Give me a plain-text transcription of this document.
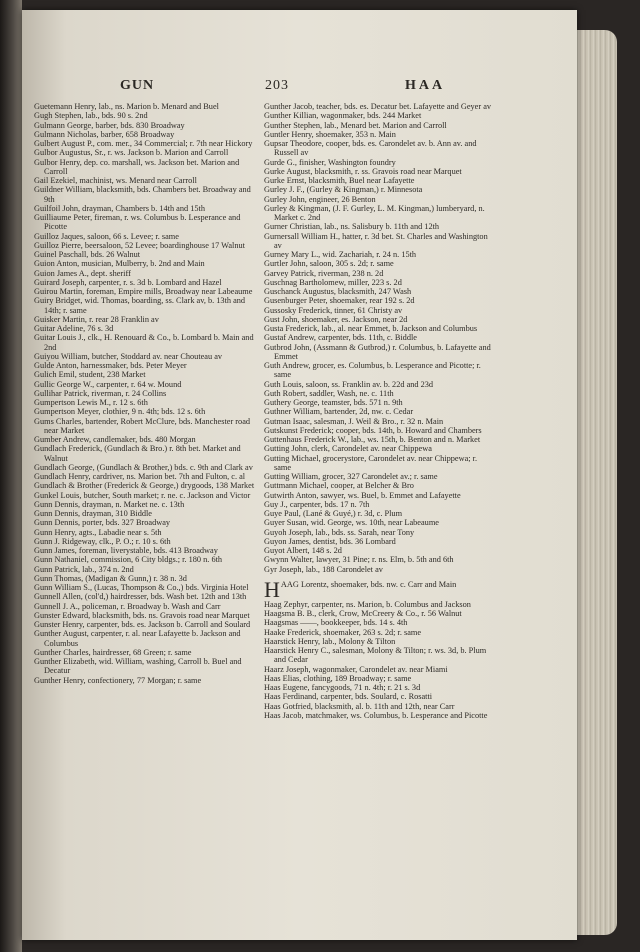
GUN	203	HAA

Guetemann Henry, lab., ns. Marion b. Menard and Buel

Gugh Stephen, lab., bds. 90 s. 2nd

Gulmann George, barber, bds. 830 Broadway

Gulmann Nicholas, barber, 658 Broadway

Gulbert August P., com. mer., 34 Commercial; r. 7th near Hickory

Gulbor Augustus, Sr., r. ws. Jackson b. Marion and Carroll

Gulbor Henry, dep. co. marshall, ws. Jackson bet. Marion and Carroll

Gail Ezekiel, machinist, ws. Menard near Carroll

Guildner William, blacksmith, bds. Chambers bet. Broadway and 9th

Guilfoil John, drayman, Chambers b. 14th and 15th

Guilliaume Peter, fireman, r. ws. Columbus b. Lesperance and Picotte

Guilloz Jaques, saloon, 66 s. Levee; r. same

Guilloz Pierre, beersaloon, 52 Levee; boardinghouse 17 Walnut

Guinel Paschall, bds. 26 Walnut

Guion Anton, musician, Mulberry, b. 2nd and Main

Guion James A., dept. sheriff

Guirard Joseph, carpenter, r. s. 3d b. Lombard and Hazel

Guirou Martin, foreman, Empire mills, Broadway near Labeaume

Guiry Bridget, wid. Thomas, boarding, ss. Clark av, b. 13th and 14th; r. same

Guisker Martin, r. rear 28 Franklin av

Guitar Adeline, 76 s. 3d

Guitar Louis J., clk., H. Renouard & Co., b. Lombard b. Main and 2nd

Guiyou William, butcher, Stoddard av. near Chouteau av

Gulde Anton, harnessmaker, bds. Peter Meyer

Gulich Emil, student, 238 Market

Gullic George W., carpenter, r. 64 w. Mound

Gullihar Patrick, riverman, r. 24 Collins

Gumpertson Lewis M., r. 12 s. 6th

Gumpertson Meyer, clothier, 9 n. 4th; bds. 12 s. 6th

Gums Charles, bartender, Robert McClure, bds. Manchester road near Market

Gumber Andrew, candlemaker, bds. 480 Morgan

Gundlach Frederick, (Gundlach & Bro.) r. 8th bet. Market and Walnut

Gundlach George, (Gundlach & Brother,) bds. c. 9th and Clark av

Gundlach Henry, cardriver, ns. Marion bet. 7th and Fulton, c. al

Gundlach & Brother (Frederick & George,) drygoods, 138 Market

Gunkel Louis, butcher, South market; r. ne. c. Jackson and Victor

Gunn Dennis, drayman, n. Market ne. c. 13th

Gunn Dennis, drayman, 310 Biddle

Gunn Dennis, porter, bds. 327 Broadway

Gunn Henry, agts., Labadie near s. 5th

Gunn J. Ridgeway, clk., P. O.; r. 10 s. 6th

Gunn James, foreman, liverystable, bds. 413 Broadway

Gunn Nathaniel, commission, 6 City bldgs.; r. 180 n. 6th

Gunn Patrick, lab., 374 n. 2nd

Gunn Thomas, (Madigan & Gunn,) r. 38 n. 3d

Gunn William S., (Lucas, Thompson & Co.,) bds. Virginia Hotel

Gunnell Allen, (col'd,) hairdresser, bds. Wash bet. 12th and 13th

Gunnell J. A., policeman, r. Broadway b. Wash and Carr

Gunster Edward, blacksmith, bds. ns. Gravois road near Marquet

Gunster Henry, carpenter, bds. es. Jackson b. Carroll and Soulard

Gunther August, carpenter, r. al. near Lafayette b. Jackson and Columbus

Gunther Charles, hairdresser, 68 Green; r. same

Gunther Elizabeth, wid. William, washing, Carroll b. Buel and Decatur

Gunther Henry, confectionery, 77 Morgan; r. same

Gunther Jacob, teacher, bds. es. Decatur bet. Lafayette and Geyer av

Gunther Killian, wagonmaker, bds. 244 Market

Gunther Stephen, lab., Menard bet. Marion and Carroll

Guntler Henry, shoemaker, 353 n. Main

Gupsar Theodore, cooper, bds. es. Carondelet av. b. Ann av. and Russell av

Gurde G., finisher, Washington foundry

Gurke August, blacksmith, r. ss. Gravois road near Marquet

Gurke Ernst, blacksmith, Buel near Lafayette

Gurley J. F., (Gurley & Kingman,) r. Minnesota

Gurley John, engineer, 26 Benton

Gurley & Kingman, (J. F. Gurley, L. M. Kingman,) lumberyard, n. Market c. 2nd

Gurner Christian, lab., ns. Salisbury b. 11th and 12th

Gurnersall William H., hatter, r. 3d bet. St. Charles and Washington av

Gurney Mary L., wid. Zachariah, r. 24 n. 15th

Gurtler John, saloon, 305 s. 2d; r. same

Garvey Patrick, riverman, 238 n. 2d

Guschnag Bartholomew, miller, 223 s. 2d

Guschanck Augustus, blacksmith, 247 Wash

Gusenburger Peter, shoemaker, rear 192 s. 2d

Gussosky Frederick, tinner, 61 Christy av

Gust John, shoemaker, es. Jackson, near 2d

Gusta Frederick, lab., al. near Emmet, b. Jackson and Columbus

Gustaf Andrew, carpenter, bds. 11th, c. Biddle

Gutbrod John, (Assmann & Gutbrod,) r. Columbus, b. Lafayette and Emmet

Guth Andrew, grocer, es. Columbus, b. Lesperance and Picotte; r. same

Guth Louis, saloon, ss. Franklin av. b. 22d and 23d

Guth Robert, saddler, Wash, ne. c. 11th

Guthery George, teamster, bds. 571 n. 9th

Guthner William, bartender, 2d, nw. c. Cedar

Gutman Isaac, salesman, J. Weil & Bro., r. 32 n. Main

Gutskunst Frederick; cooper, bds. 14th, b. Howard and Chambers

Guttenhaus Frederick W., lab., ws. 15th, b. Benton and n. Market

Gutting John, clerk, Carondelet av. near Chippewa

Gutting Michael, grocerystore, Carondelet av. near Chippewa; r. same

Gutting William, grocer, 327 Carondelet av.; r. same

Guttmann Michael, cooper, at Belcher & Bro

Gutwirth Anton, sawyer, ws. Buel, b. Emmet and Lafayette

Guy J., carpenter, bds. 17 n. 7th

Guye Paul, (Lané & Guyé,) r. 3d, c. Plum

Guyer Susan, wid. George, ws. 10th, near Labeaume

Guyoh Joseph, lab., bds. ss. Sarah, near Tony

Guyon James, dentist, bds. 36 Lombard

Guyot Albert, 148 s. 2d

Gwynn Walter, lawyer, 31 Pine; r. ns. Elm, b. 5th and 6th

Gyr Joseph, lab., 188 Carondelet av

HAAG Lorentz, shoemaker, bds. nw. c. Carr and Main

Haag Zephyr, carpenter, ns. Marion, b. Columbus and Jackson

Haagsma B. B., clerk, Crow, McCreery & Co., r. 56 Walnut

Haagsmas ——, bookkeeper, bds. 14 s. 4th

Haake Frederick, shoemaker, 263 s. 2d; r. same

Haarstick Henry, lab., Molony & Tilton

Haarstick Henry C., salesman, Molony & Tilton; r. ws. 3d, b. Plum and Cedar

Haarz Joseph, wagonmaker, Carondelet av. near Miami

Haas Elias, clothing, 189 Broadway; r. same

Haas Eugene, fancygoods, 71 n. 4th; r. 21 s. 3d

Haas Ferdinand, carpenter, bds. Soulard, c. Rosatti

Haas Gotfried, blacksmith, al. b. 11th and 12th, near Carr

Haas Jacob, matchmaker, ws. Columbus, b. Lesperance and Picotte
